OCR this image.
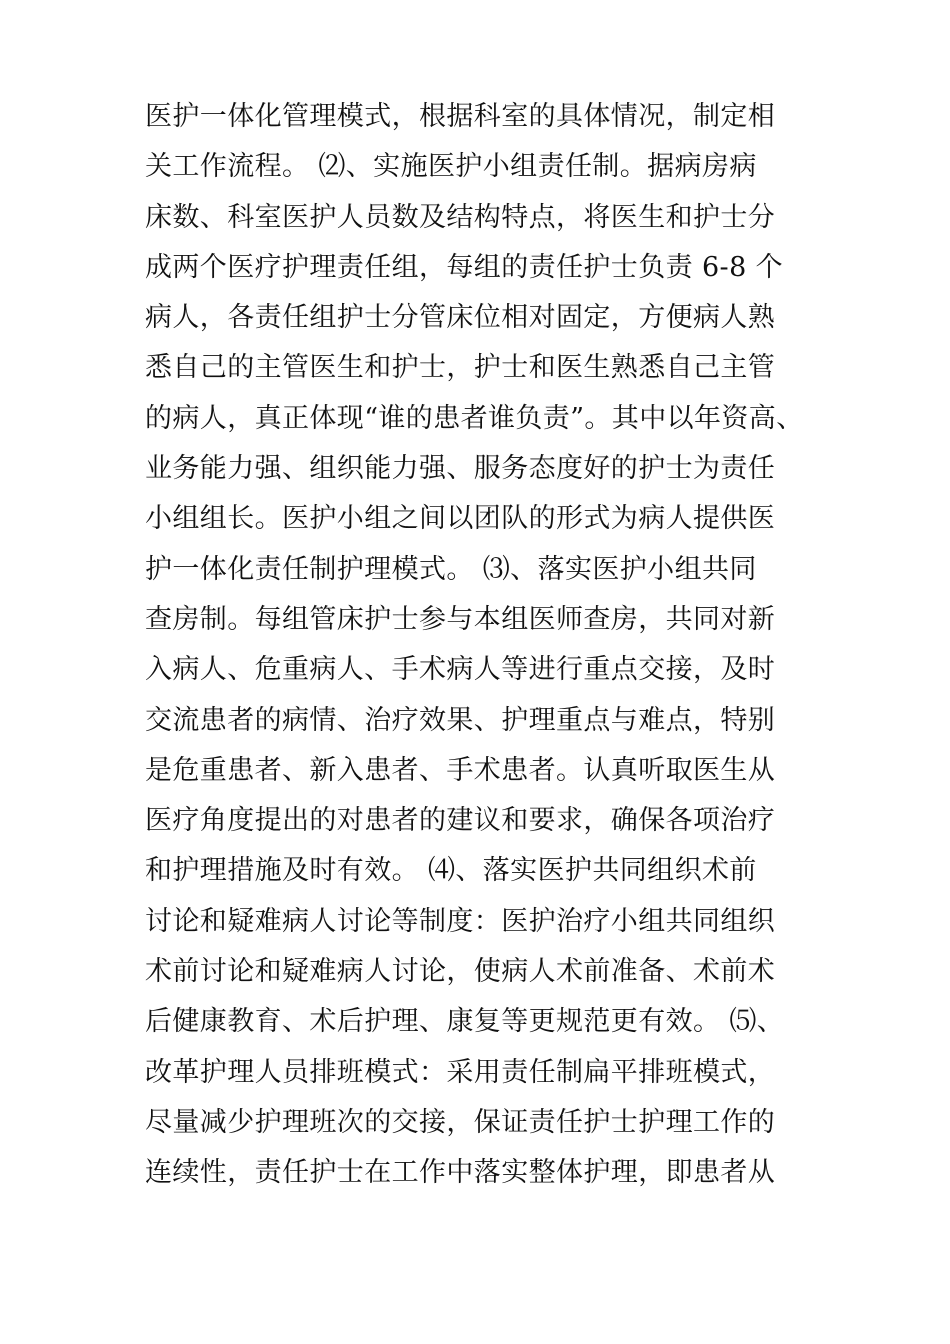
医护一体化管理模式，根据科室的具体情况，制定相
关工作流程。 ⑵、实施医护小组责任制。据病房病
床数、科室医护人员数及结构特点，将医生和护士分
成两个医疗护理责任组，每组的责任护士负责 6-8 个
病人，各责任组护士分管床位相对固定，方便病人熟
悉自己的主管医生和护士，护士和医生熟悉自己主管
的病人，真正体现“谁的患者谁负责”。其中以年资高、
业务能力强、组织能力强、服务态度好的护士为责任
小组组长。医护小组之间以团队的形式为病人提供医
护一体化责任制护理模式。 ⑶、落实医护小组共同
查房制。每组管床护士参与本组医师查房，共同对新
入病人、危重病人、手术病人等进行重点交接，及时
交流患者的病情、治疗效果、护理重点与难点，特别
是危重患者、新入患者、手术患者。认真听取医生从
医疗角度提出的对患者的建议和要求，确保各项治疗
和护理措施及时有效。 ⑷、落实医护共同组织术前
讨论和疑难病人讨论等制度：医护治疗小组共同组织
术前讨论和疑难病人讨论，使病人术前准备、术前术
后健康教育、术后护理、康复等更规范更有效。 ⑸、
改革护理人员排班模式：采用责任制扁平排班模式，
尽量减少护理班次的交接，保证责任护士护理工作的
连续性，责任护士在工作中落实整体护理，即患者从
